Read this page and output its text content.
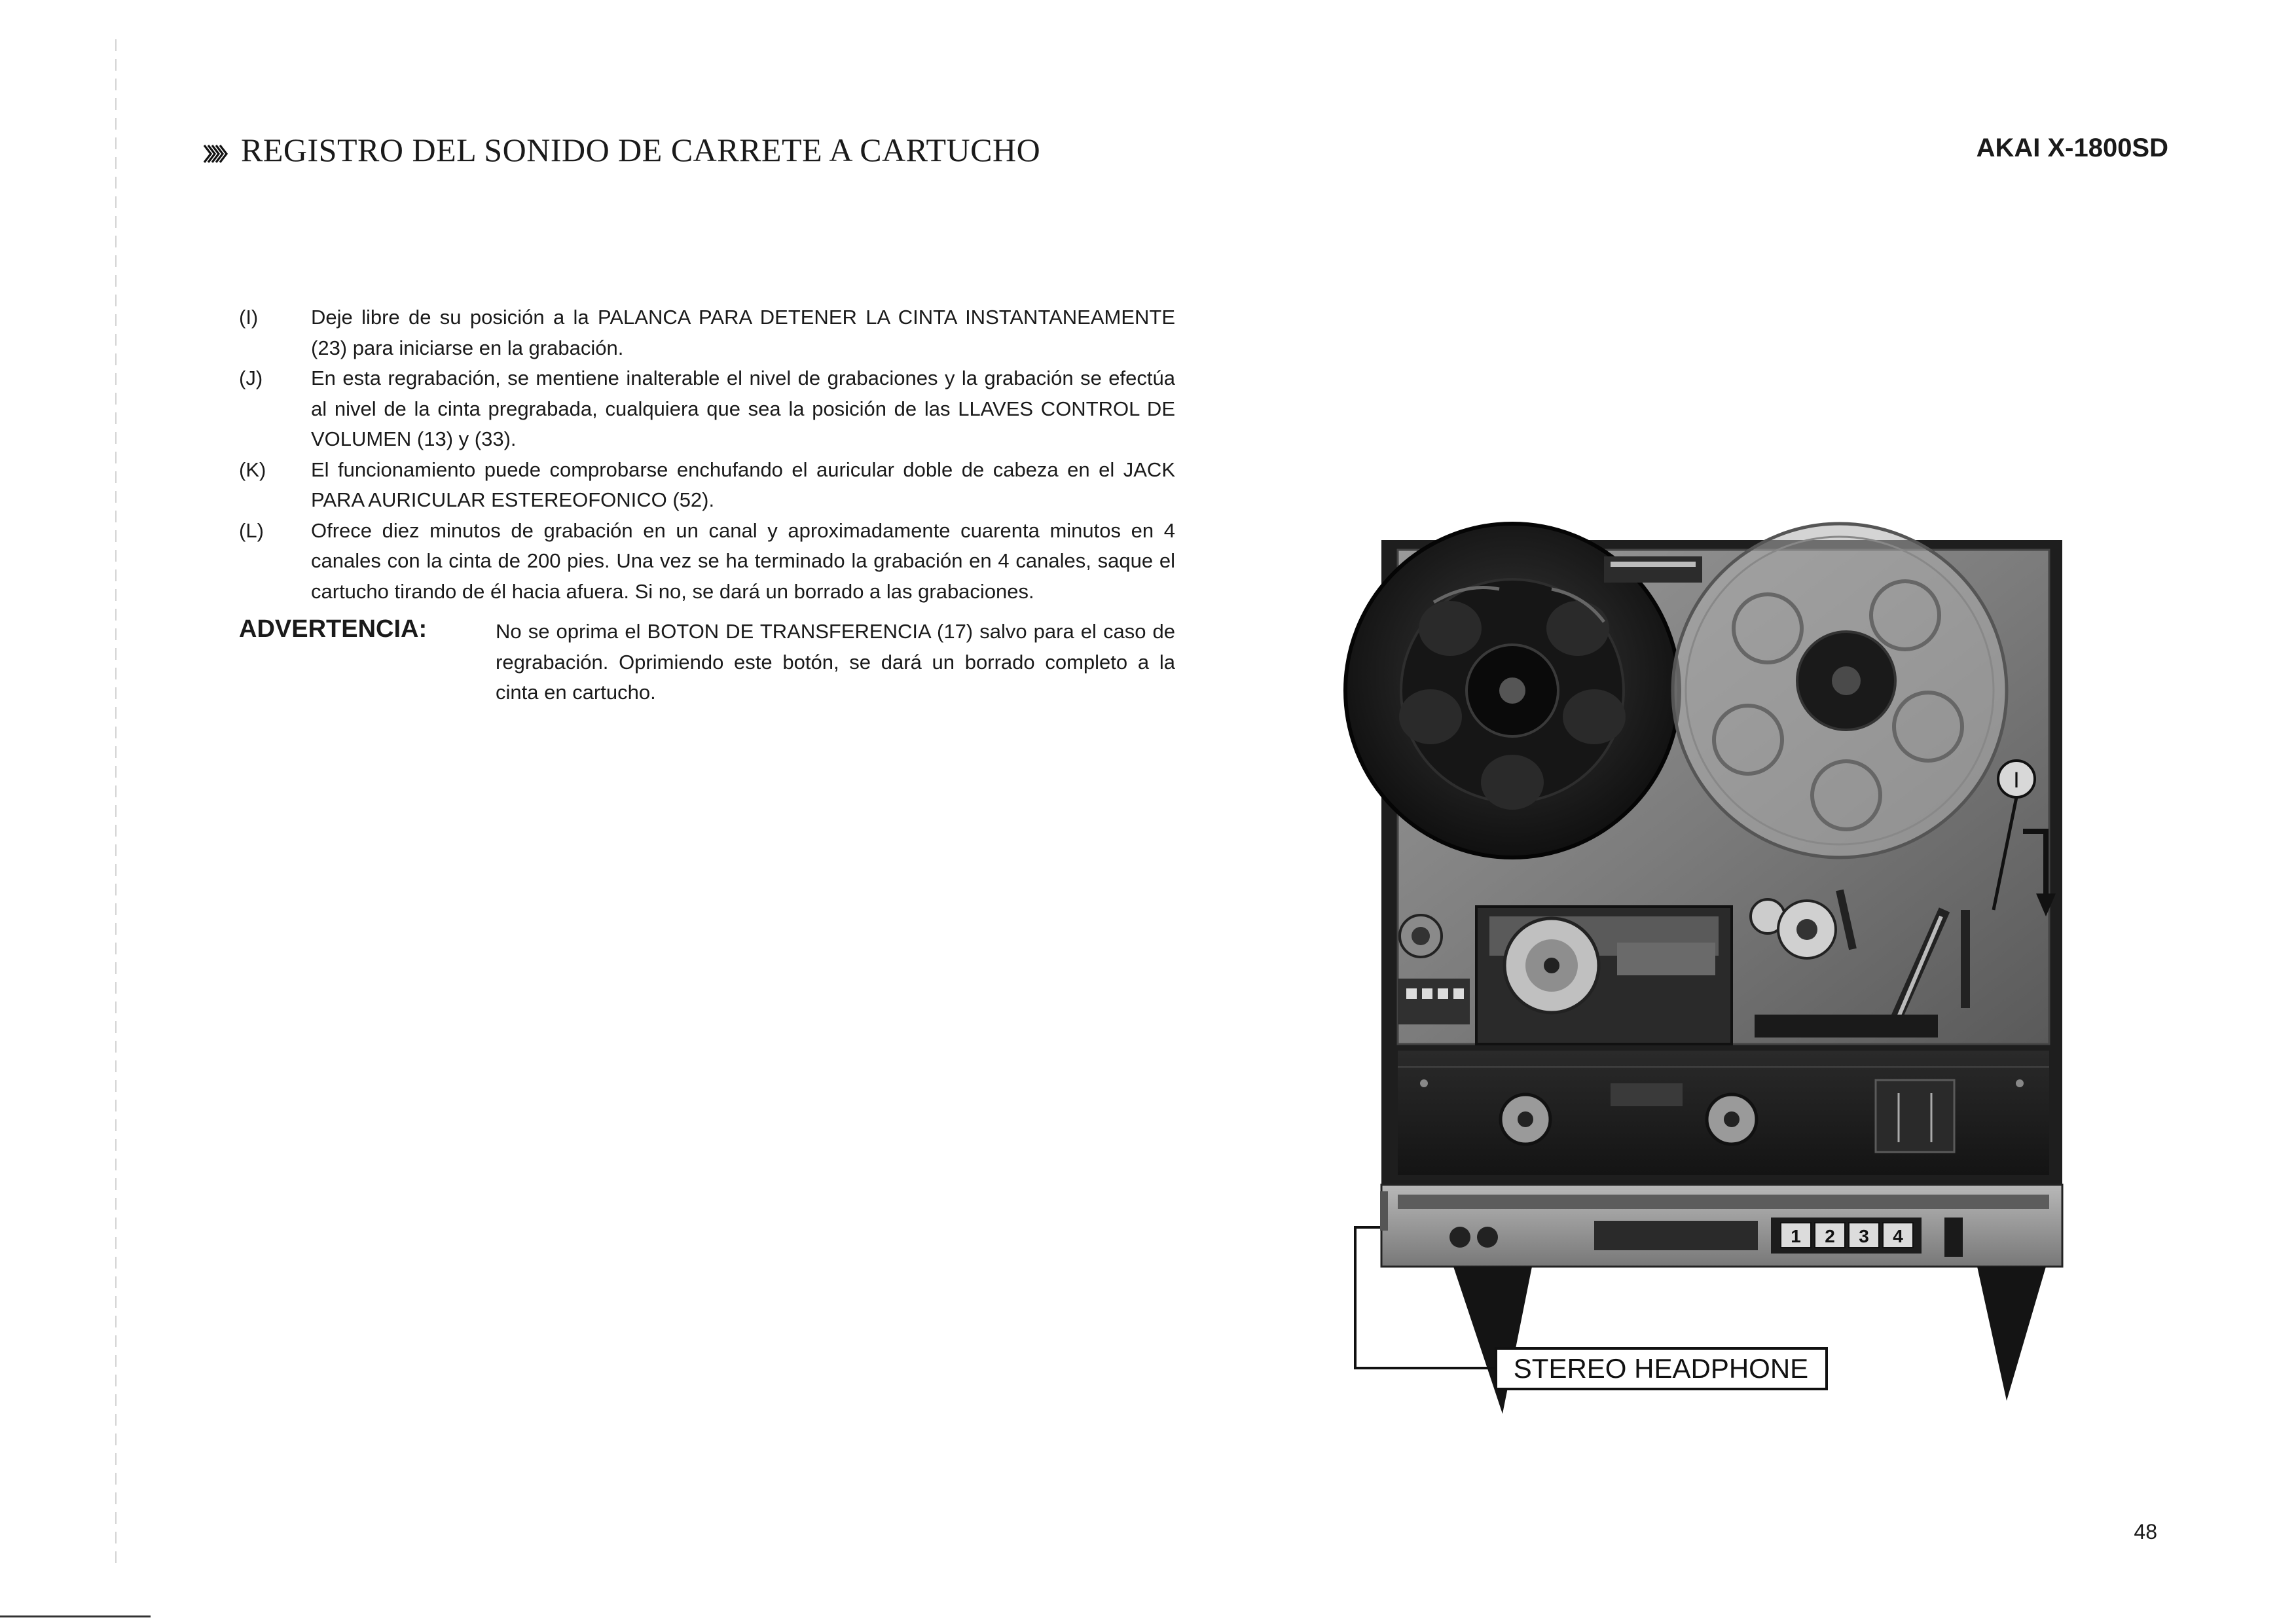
REGISTRO DEL SONIDO DE CARRETE A CARTUCHO	AKAI X-1800SD
(I)	Deje libre de su posición a la PALANCA PARA DETENER LA CINTA INSTANTANEAMENTE (23) para iniciarse en la grabación.
(J)	En esta regrabación, se mentiene inalterable el nivel de grabaciones y la grabación se efectúa al nivel de la cinta pregrabada, cualquiera que sea la posición de las LLAVES CONTROL DE VOLUMEN (13) y (33).
(K)	El funcionamiento puede comprobarse enchufando el auricular doble de cabeza en el JACK PARA AURICULAR ESTEREOFONICO (52).
(L)	Ofrece diez minutos de grabación en un canal y aproximadamente cuarenta minutos en 4 canales con la cinta de 200 pies. Una vez se ha terminado la grabación en 4 canales, saque el cartucho tirando de él hacia afuera. Si no, se dará un borrado a las grabaciones.
ADVERTENCIA:	No se oprima el BOTON DE TRANSFERENCIA (17) salvo para el caso de regrabación. Oprimiendo este botón, se dará un borrado completo a la cinta en cartucho.
I
1 2 3 4
STEREO HEADPHONE
48
